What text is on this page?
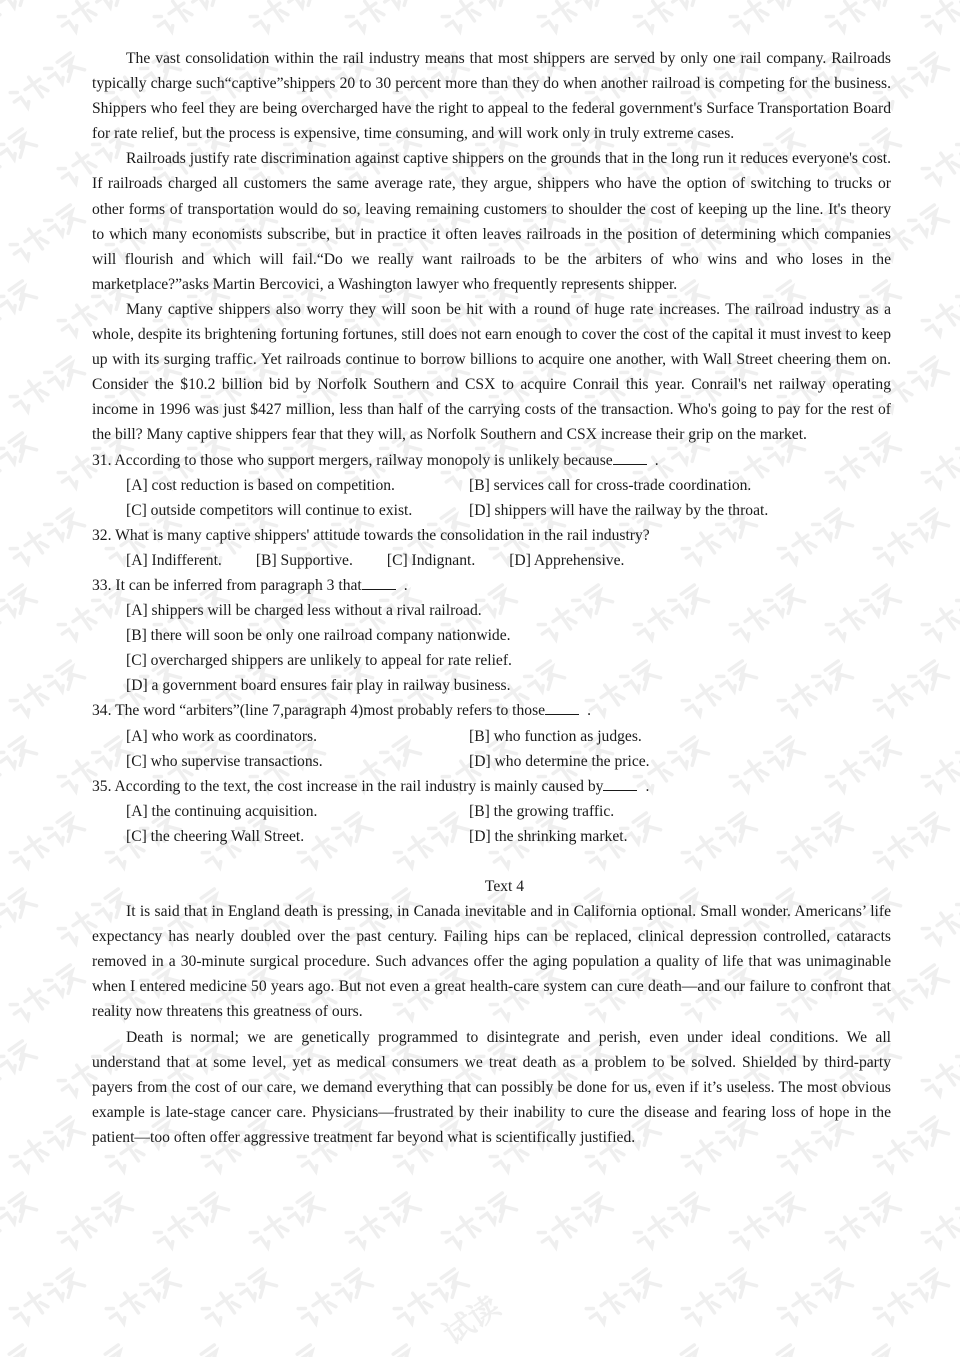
试读

The vast consolidation within the rail industry means that most shippers are served by only one rail company. Railroads typically charge such“captive”shippers 20 to 30 percent more than they do when another railroad is competing for the business. Shippers who feel they are being overcharged have the right to appeal to the federal government's Surface Transportation Board for rate relief, but the process is expensive, time consuming, and will work only in truly extreme cases.

Railroads justify rate discrimination against captive shippers on the grounds that in the long run it reduces everyone's cost. If railroads charged all customers the same average rate, they argue, shippers who have the option of switching to trucks or other forms of transportation would do so, leaving remaining customers to shoulder the cost of keeping up the line. It's theory to which many economists subscribe, but in practice it often leaves railroads in the position of determining which companies will flourish and which will fail.“Do we really want railroads to be the arbiters of who wins and who loses in the marketplace?”asks Martin Bercovici, a Washington lawyer who frequently represents shipper.

Many captive shippers also worry they will soon be hit with a round of huge rate increases. The railroad industry as a whole, despite its brightening fortuning fortunes, still does not earn enough to cover the cost of the capital it must invest to keep up with its surging traffic. Yet railroads continue to borrow billions to acquire one another, with Wall Street cheering them on. Consider the $10.2 billion bid by Norfolk Southern and CSX to acquire Conrail this year. Conrail's net railway operating income in 1996 was just $427 million, less than half of the carrying costs of the transaction. Who's going to pay for the rest of the bill? Many captive shippers fear that they will, as Norfolk Southern and CSX increase their grip on the market.

31. According to those who support mergers, railway monopoly is unlikely because	.

[A] cost reduction is based on competition.	[B] services call for cross-trade coordination.
[C] outside competitors will continue to exist.	[D] shippers will have the railway by the throat.

32. What is many captive shippers' attitude towards the consolidation in the rail industry?

[A] Indifferent. [B] Supportive. [C] Indignant. [D] Apprehensive.

33. It can be inferred from paragraph 3 that	.

[A] shippers will be charged less without a rival railroad.
[B] there will soon be only one railroad company nationwide.
[C] overcharged shippers are unlikely to appeal for rate relief.
[D] a government board ensures fair play in railway business.

34. The word “arbiters”(line 7,paragraph 4)most probably refers to those	.

[A] who work as coordinators.	[B] who function as judges.
[C] who supervise transactions.	[D] who determine the price.

35. According to the text, the cost increase in the rail industry is mainly caused by	.

[A] the continuing acquisition.	[B] the growing traffic.
[C] the cheering Wall Street.	[D] the shrinking market.
Text 4

It is said that in England death is pressing, in Canada inevitable and in California optional. Small wonder. Americans’ life expectancy has nearly doubled over the past century. Failing hips can be replaced, clinical depression controlled, cataracts removed in a 30-minute surgical procedure. Such advances offer the aging population a quality of life that was unimaginable when I entered medicine 50 years ago. But not even a great health-care system can cure death—and our failure to confront that reality now threatens this greatness of ours.

Death is normal; we are genetically programmed to disintegrate and perish, even under ideal conditions. We all understand that at some level, yet as medical consumers we treat death as a problem to be solved. Shielded by third-party payers from the cost of our care, we demand everything that can possibly be done for us, even if it’s useless. The most obvious example is late-stage cancer care. Physicians—frustrated by their inability to cure the disease and fearing loss of hope in the patient—too often offer aggressive treatment far beyond what is scientifically justified.
